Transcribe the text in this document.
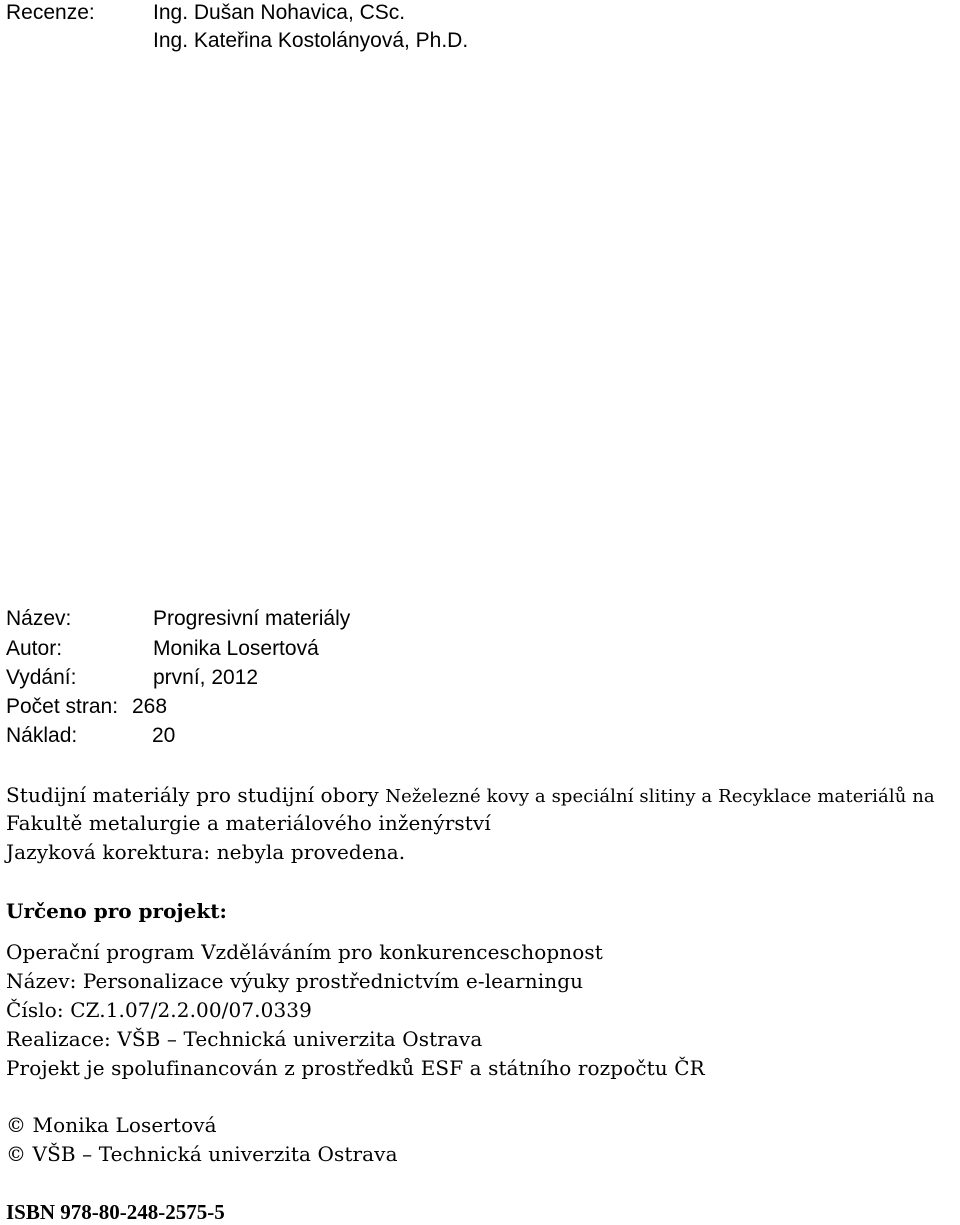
Recenze:	Ing. Dušan Nohavica, CSc.
Ing. Kateřina Kostolányová, Ph.D.
Název:	Progresivní materiály
Autor:	Monika Losertová
Vydání:	první, 2012
Počet stran: 268
Náklad:	20
Studijní materiály pro studijní obory Neželezné kovy a speciální slitiny a Recyklace materiálů na
Fakultě metalurgie a materiálového inženýrství
Jazyková korektura: nebyla provedena.
Určeno pro projekt:
Operační program Vzděláváním pro konkurenceschopnost
Název: Personalizace výuky prostřednictvím e-learningu
Číslo: CZ.1.07/2.2.00/07.0339
Realizace: VŠB – Technická univerzita Ostrava
Projekt je spolufinancován z prostředků ESF a státního rozpočtu ČR
© Monika Losertová
© VŠB – Technická univerzita Ostrava
ISBN 978-80-248-2575-5
